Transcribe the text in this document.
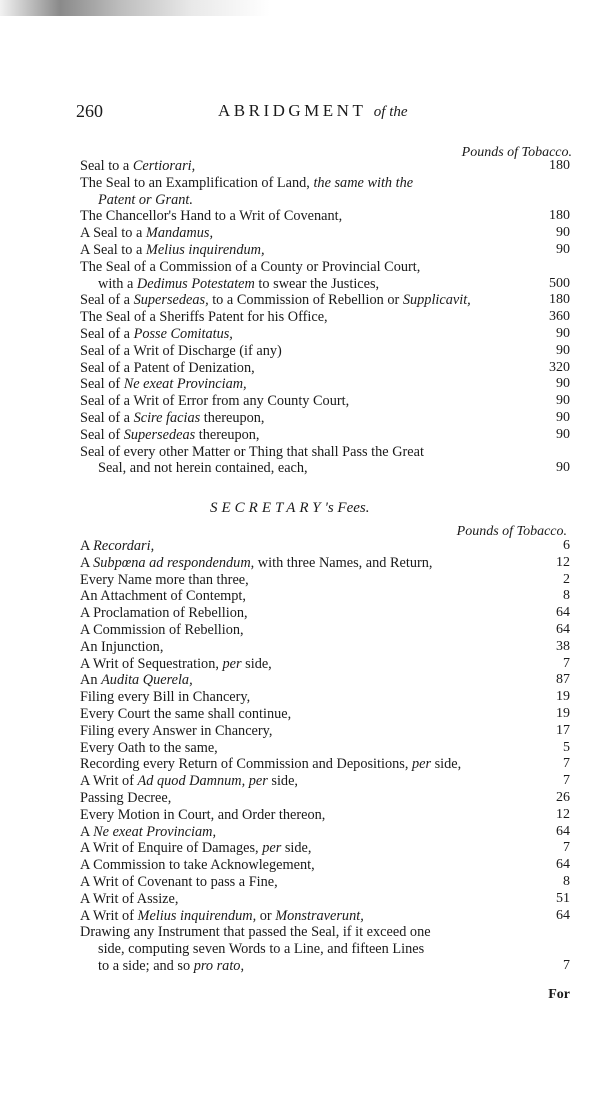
260	ABRIDGMENT of the
Pounds of Tobacco.
Seal to a Certiorari,	180
The Seal to an Examplification of Land, the same with the
Patent or Grant.
The Chancellor's Hand to a Writ of Covenant,	180
A Seal to a Mandamus,	90
A Seal to a Melius inquirendum,	90
The Seal of a Commission of a County or Provincial Court,
with a Dedimus Potestatem to swear the Justices,	500
Seal of a Supersedeas, to a Commission of Rebellion or Supplicavit,	180
The Seal of a Sheriffs Patent for his Office,	360
Seal of a Posse Comitatus,	90
Seal of a Writ of Discharge (if any)	90
Seal of a Patent of Denization,	320
Seal of Ne exeat Provinciam,	90
Seal of a Writ of Error from any County Court,	90
Seal of a Scire facias thereupon,	90
Seal of Supersedeas thereupon,	90
Seal of every other Matter or Thing that shall Pass the Great
Seal, and not herein contained, each,	90
SECRETARY's Fees.
Pounds of Tobacco.
A Recordari,	6
A Subpœna ad respondendum, with three Names, and Return,	12
Every Name more than three,	2
An Attachment of Contempt,	8
A Proclamation of Rebellion,	64
A Commission of Rebellion,	64
An Injunction,	38
A Writ of Sequestration, per side,	7
An Audita Querela,	87
Filing every Bill in Chancery,	19
Every Court the same shall continue,	19
Filing every Answer in Chancery,	17
Every Oath to the same,	5
Recording every Return of Commission and Depositions, per side,	7
A Writ of Ad quod Damnum, per side,	7
Passing Decree,	26
Every Motion in Court, and Order thereon,	12
A Ne exeat Provinciam,	64
A Writ of Enquire of Damages, per side,	7
A Commission to take Acknowlegement,	64
A Writ of Covenant to pass a Fine,	8
A Writ of Assize,	51
A Writ of Melius inquirendum, or Monstraverunt,	64
Drawing any Instrument that passed the Seal, if it exceed one
side, computing seven Words to a Line, and fifteen Lines
to a side; and so pro rato,	7
For
